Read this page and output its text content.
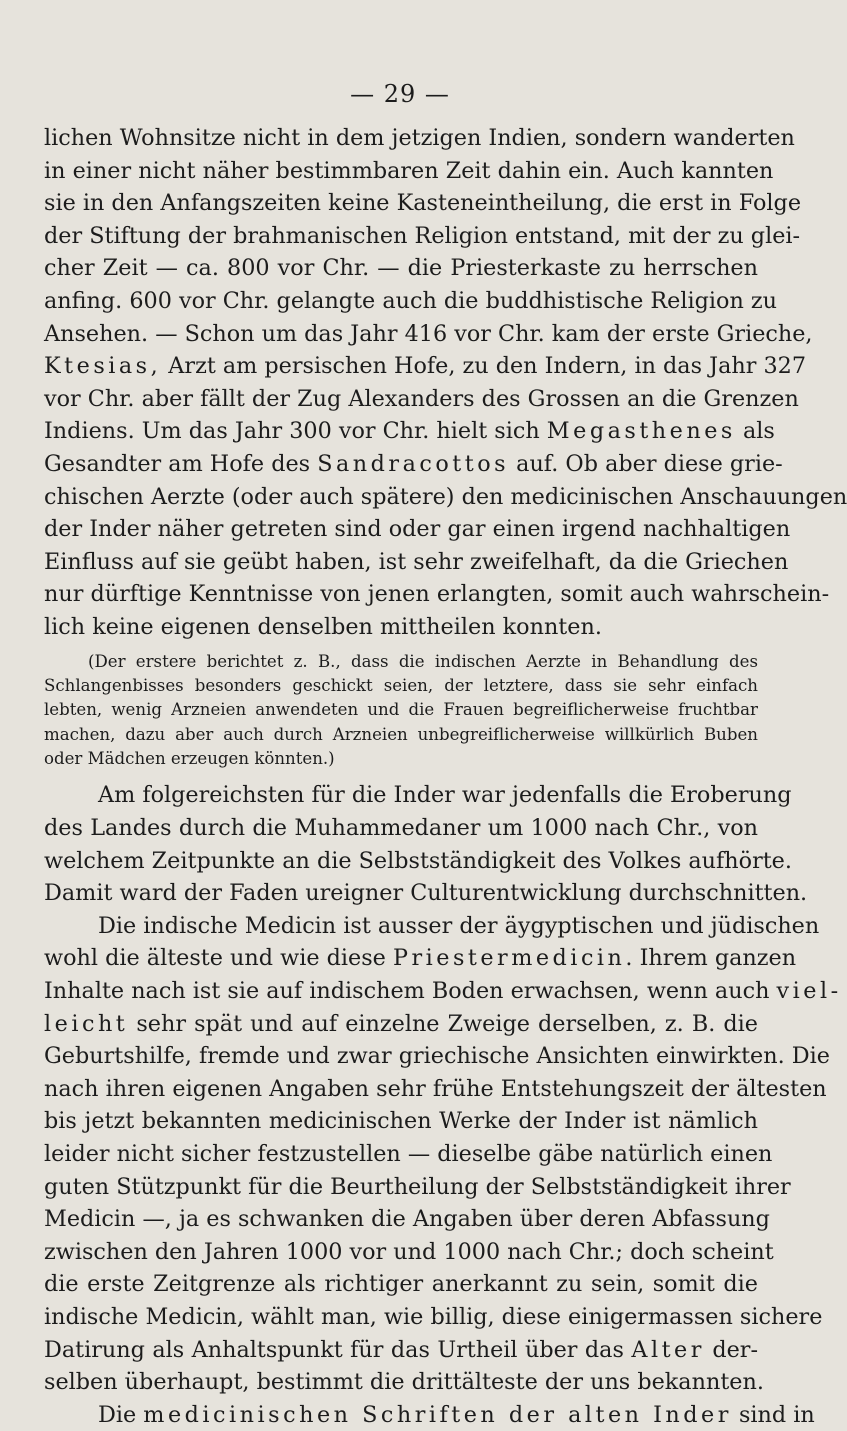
— 29 —
lichen Wohnsitze nicht in dem jetzigen Indien, sondern wanderten
in einer nicht näher bestimmbaren Zeit dahin ein. Auch kannten
sie in den Anfangszeiten keine Kasteneintheilung, die erst in Folge
der Stiftung der brahmanischen Religion entstand, mit der zu glei-
cher Zeit — ca. 800 vor Chr. — die Priesterkaste zu herrschen
anfing. 600 vor Chr. gelangte auch die buddhistische Religion zu
Ansehen. — Schon um das Jahr 416 vor Chr. kam der erste Grieche,
Ktesias, Arzt am persischen Hofe, zu den Indern, in das Jahr 327
vor Chr. aber fällt der Zug Alexanders des Grossen an die Grenzen
Indiens. Um das Jahr 300 vor Chr. hielt sich Megasthenes als
Gesandter am Hofe des Sandracottos auf. Ob aber diese grie-
chischen Aerzte (oder auch spätere) den medicinischen Anschauungen
der Inder näher getreten sind oder gar einen irgend nachhaltigen
Einfluss auf sie geübt haben, ist sehr zweifelhaft, da die Griechen
nur dürftige Kenntnisse von jenen erlangten, somit auch wahrschein-
lich keine eigenen denselben mittheilen konnten.
(Der erstere berichtet z. B., dass die indischen Aerzte in Behandlung des
Schlangenbisses besonders geschickt seien, der letztere, dass sie sehr einfach
lebten, wenig Arzneien anwendeten und die Frauen begreiflicherweise fruchtbar
machen, dazu aber auch durch Arzneien unbegreiflicherweise willkürlich Buben
oder Mädchen erzeugen könnten.)
Am folgereichsten für die Inder war jedenfalls die Eroberung
des Landes durch die Muhammedaner um 1000 nach Chr., von
welchem Zeitpunkte an die Selbstständigkeit des Volkes aufhörte.
Damit ward der Faden ureigner Culturentwicklung durchschnitten.
Die indische Medicin ist ausser der äygyptischen und jüdischen
wohl die älteste und wie diese Priestermedicin. Ihrem ganzen
Inhalte nach ist sie auf indischem Boden erwachsen, wenn auch viel-
leicht sehr spät und auf einzelne Zweige derselben, z. B. die
Geburtshilfe, fremde und zwar griechische Ansichten einwirkten. Die
nach ihren eigenen Angaben sehr frühe Entstehungszeit der ältesten
bis jetzt bekannten medicinischen Werke der Inder ist nämlich
leider nicht sicher festzustellen — dieselbe gäbe natürlich einen
guten Stützpunkt für die Beurtheilung der Selbstständigkeit ihrer
Medicin —, ja es schwanken die Angaben über deren Abfassung
zwischen den Jahren 1000 vor und 1000 nach Chr.; doch scheint
die erste Zeitgrenze als richtiger anerkannt zu sein, somit die
indische Medicin, wählt man, wie billig, diese einigermassen sichere
Datirung als Anhaltspunkt für das Urtheil über das Alter der-
selben überhaupt, bestimmt die drittälteste der uns bekannten.
Die medicinischen Schriften der alten Inder sind in
